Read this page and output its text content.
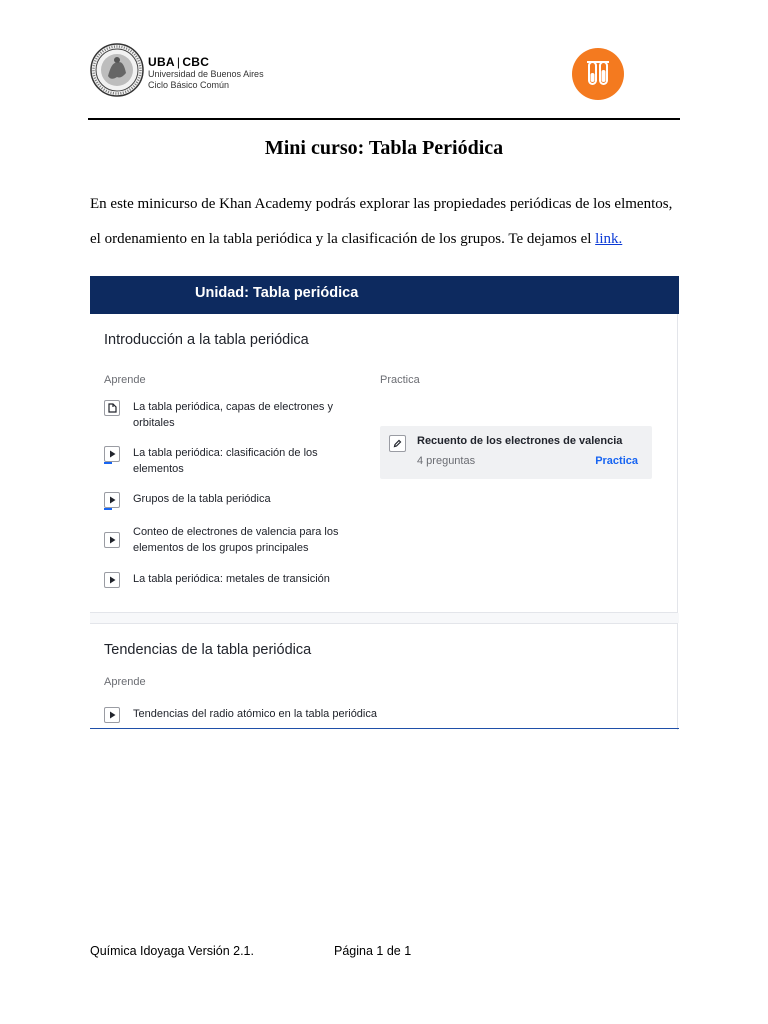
UBA | CBC
Universidad de Buenos Aires
Ciclo Básico Común
Mini curso: Tabla Periódica
En este minicurso de Khan Academy podrás explorar las propiedades periódicas de los elmentos,
el ordenamiento en la tabla periódica y la clasificación de los grupos. Te dejamos el link.
Unidad: Tabla periódica
Introducción a la tabla periódica
Aprende	Practica
La tabla periódica, capas de electrones y orbitales
La tabla periódica: clasificación de los elementos
Grupos de la tabla periódica
Conteo de electrones de valencia para los elementos de los grupos principales
La tabla periódica: metales de transición
Recuento de los electrones de valencia
4 preguntas	Practica
Tendencias de la tabla periódica
Aprende
Tendencias del radio atómico en la tabla periódica
Química Idoyaga Versión 2.1.	Página 1 de 1
